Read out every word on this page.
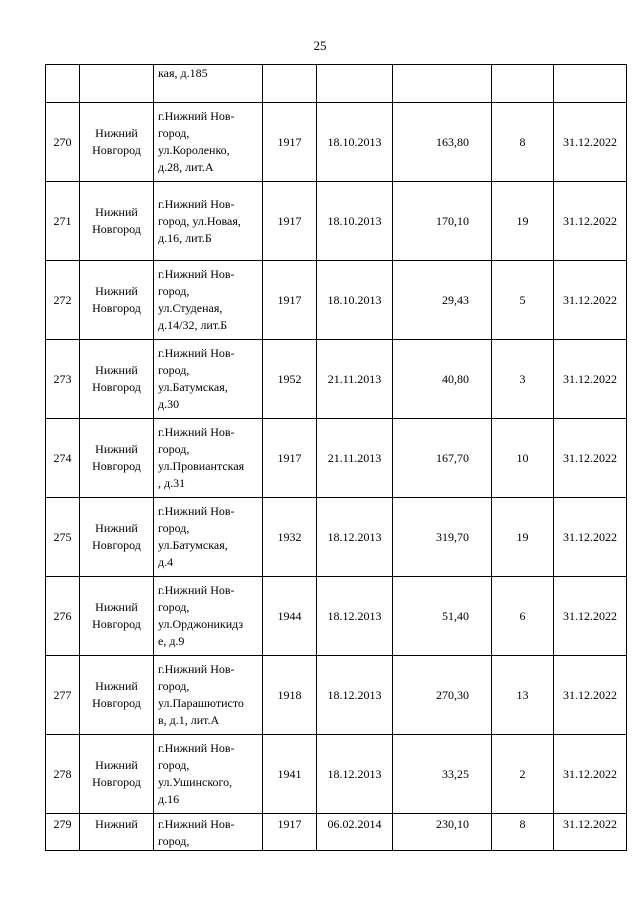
25

		кая, д.185					

270	Нижний
Новгород	г.Нижний Нов-
город,
ул.Короленко,
д.28, лит.А	1917	18.10.2013	163,80	8	31.12.2022
271	Нижний
Новгород	г.Нижний Нов-
город, ул.Новая,
д.16, лит.Б	1917	18.10.2013	170,10	19	31.12.2022
272	Нижний
Новгород	г.Нижний Нов-
город,
ул.Студеная,
д.14/32, лит.Б	1917	18.10.2013	29,43	5	31.12.2022
273	Нижний
Новгород	г.Нижний Нов-
город,
ул.Батумская,
д.30	1952	21.11.2013	40,80	3	31.12.2022
274	Нижний
Новгород	г.Нижний Нов-
город,
ул.Провиантская
, д.31	1917	21.11.2013	167,70	10	31.12.2022
275	Нижний
Новгород	г.Нижний Нов-
город,
ул.Батумская,
д.4	1932	18.12.2013	319,70	19	31.12.2022
276	Нижний
Новгород	г.Нижний Нов-
город,
ул.Орджоникидз
е, д.9	1944	18.12.2013	51,40	6	31.12.2022
277	Нижний
Новгород	г.Нижний Нов-
город,
ул.Парашютисто
в, д.1, лит.А	1918	18.12.2013	270,30	13	31.12.2022
278	Нижний
Новгород	г.Нижний Нов-
город,
ул.Ушинского,
д.16	1941	18.12.2013	33,25	2	31.12.2022
279	Нижний	г.Нижний Нов-
город,	1917	06.02.2014	230,10	8	31.12.2022
